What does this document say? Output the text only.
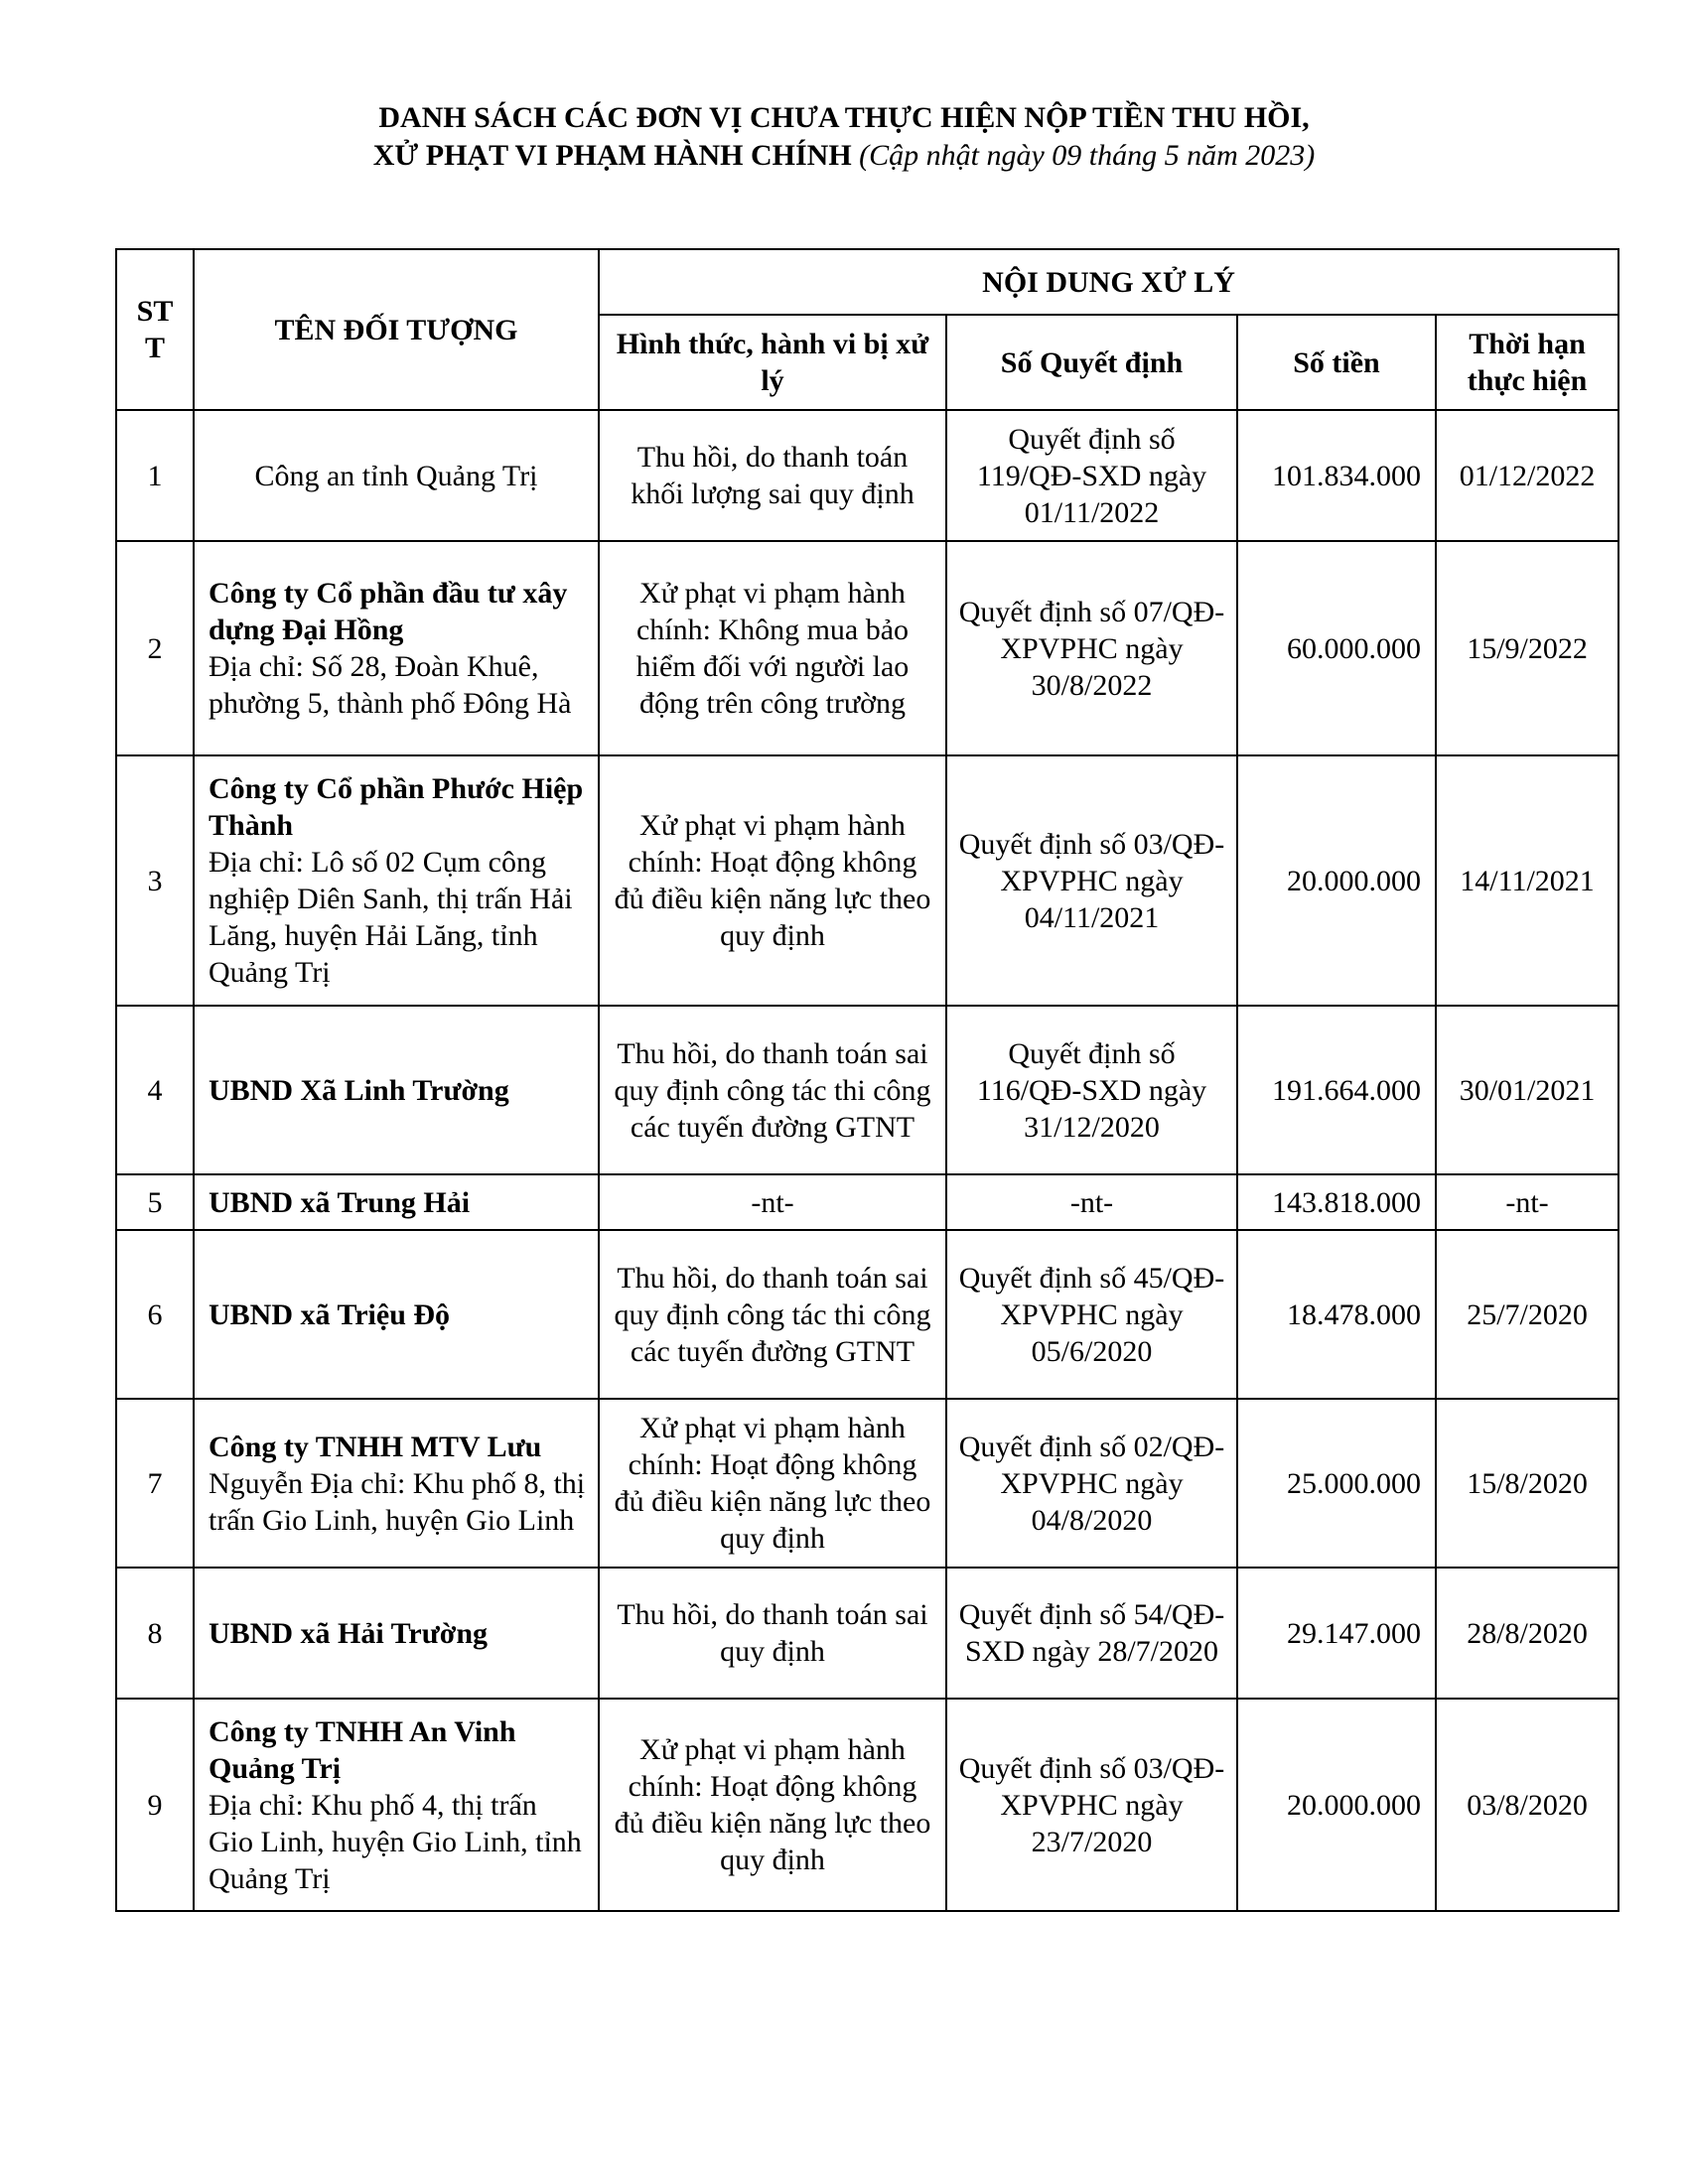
DANH SÁCH CÁC ĐƠN VỊ CHƯA THỰC HIỆN NỘP TIỀN THU HỒI,
XỬ PHẠT VI PHẠM HÀNH CHÍNH (Cập nhật ngày 09 tháng 5 năm 2023)
ST T	TÊN ĐỐI TƯỢNG	NỘI DUNG XỬ LÝ			
		Hình thức, hành vi bị xử lý	Số Quyết định	Số tiền	Thời hạn thực hiện
1	Công an tỉnh Quảng Trị	Thu hồi, do thanh toán khối lượng sai quy định	Quyết định số 119/QĐ-SXD ngày 01/11/2022	101.834.000	01/12/2022
2	Công ty Cổ phần đầu tư xây dựng Đại Hồng
Địa chỉ: Số 28, Đoàn Khuê, phường 5, thành phố Đông Hà	Xử phạt vi phạm hành chính: Không mua bảo hiểm đối với người lao động trên công trường	Quyết định số 07/QĐ-XPVPHC ngày 30/8/2022	60.000.000	15/9/2022
3	Công ty Cổ phần Phước Hiệp Thành
Địa chỉ: Lô số 02 Cụm công nghiệp Diên Sanh, thị trấn Hải Lăng, huyện Hải Lăng, tỉnh Quảng Trị	Xử phạt vi phạm hành chính: Hoạt động không đủ điều kiện năng lực theo quy định	Quyết định số 03/QĐ-XPVPHC ngày 04/11/2021	20.000.000	14/11/2021
4	UBND Xã Linh Trường	Thu hồi, do thanh toán sai quy định công tác thi công các tuyến đường GTNT	Quyết định số 116/QĐ-SXD ngày 31/12/2020	191.664.000	30/01/2021
5	UBND xã Trung Hải	-nt-	-nt-	143.818.000	-nt-
6	UBND xã Triệu Độ	Thu hồi, do thanh toán sai quy định công tác thi công các tuyến đường GTNT	Quyết định số 45/QĐ-XPVPHC ngày 05/6/2020	18.478.000	25/7/2020
7	Công ty TNHH MTV Lưu
Nguyễn Địa chỉ: Khu phố 8, thị trấn Gio Linh, huyện Gio Linh	Xử phạt vi phạm hành chính: Hoạt động không đủ điều kiện năng lực theo quy định	Quyết định số 02/QĐ-XPVPHC ngày 04/8/2020	25.000.000	15/8/2020
8	UBND xã Hải Trường	Thu hồi, do thanh toán sai quy định	Quyết định số 54/QĐ-SXD ngày 28/7/2020	29.147.000	28/8/2020
9	Công ty TNHH An Vinh Quảng Trị
Địa chỉ: Khu phố 4, thị trấn Gio Linh, huyện Gio Linh, tỉnh Quảng Trị	Xử phạt vi phạm hành chính: Hoạt động không đủ điều kiện năng lực theo quy định	Quyết định số 03/QĐ-XPVPHC ngày 23/7/2020	20.000.000	03/8/2020
